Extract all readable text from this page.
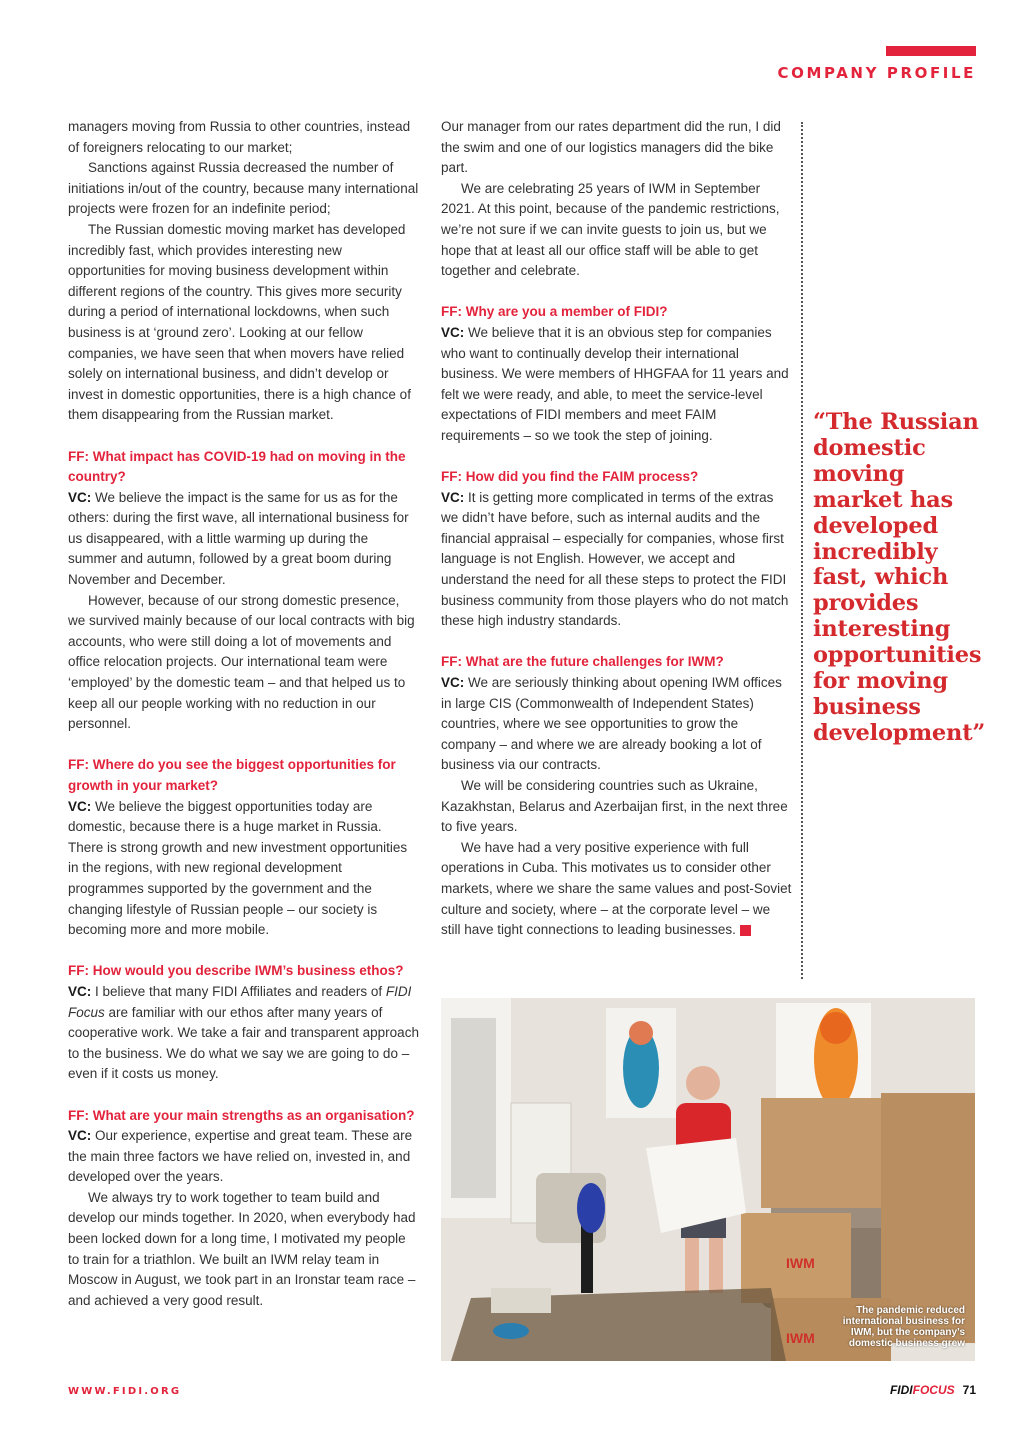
COMPANY PROFILE

managers moving from Russia to other countries, instead of foreigners relocating to our market;

Sanctions against Russia decreased the number of initiations in/out of the country, because many international projects were frozen for an indefinite period;

The Russian domestic moving market has developed incredibly fast, which provides interesting new opportunities for moving business development within different regions of the country. This gives more security during a period of international lockdowns, when such business is at ‘ground zero’. Looking at our fellow companies, we have seen that when movers have relied solely on international business, and didn’t develop or invest in domestic opportunities, there is a high chance of them disappearing from the Russian market.

FF: What impact has COVID-19 had on moving in the country?

VC: We believe the impact is the same for us as for the others: during the first wave, all international business for us disappeared, with a little warming up during the summer and autumn, followed by a great boom during November and December.

However, because of our strong domestic presence, we survived mainly because of our local contracts with big accounts, who were still doing a lot of movements and office relocation projects. Our international team were ‘employed’ by the domestic team – and that helped us to keep all our people working with no reduction in our personnel.

FF: Where do you see the biggest opportunities for growth in your market?

VC: We believe the biggest opportunities today are domestic, because there is a huge market in Russia. There is strong growth and new investment opportunities in the regions, with new regional development programmes supported by the government and the changing lifestyle of Russian people – our society is becoming more and more mobile.

FF: How would you describe IWM’s business ethos?

VC: I believe that many FIDI Affiliates and readers of FIDI Focus are familiar with our ethos after many years of cooperative work. We take a fair and transparent approach to the business. We do what we say we are going to do – even if it costs us money.

FF: What are your main strengths as an organisation?

VC: Our experience, expertise and great team. These are the main three factors we have relied on, invested in, and developed over the years.

We always try to work together to team build and develop our minds together. In 2020, when everybody had been locked down for a long time, I motivated my people to train for a triathlon. We built an IWM relay team in Moscow in August, we took part in an Ironstar team race – and achieved a very good result.

Our manager from our rates department did the run, I did the swim and one of our logistics managers did the bike part.

We are celebrating 25 years of IWM in September 2021. At this point, because of the pandemic restrictions, we’re not sure if we can invite guests to join us, but we hope that at least all our office staff will be able to get together and celebrate.

FF: Why are you a member of FIDI?

VC: We believe that it is an obvious step for companies who want to continually develop their international business. We were members of HHGFAA for 11 years and felt we were ready, and able, to meet the service-level expectations of FIDI members and meet FAIM requirements – so we took the step of joining.

FF: How did you find the FAIM process?

VC: It is getting more complicated in terms of the extras we didn’t have before, such as internal audits and the financial appraisal – especially for companies, whose first language is not English. However, we accept and understand the need for all these steps to protect the FIDI business community from those players who do not match these high industry standards.

FF: What are the future challenges for IWM?

VC: We are seriously thinking about opening IWM offices in large CIS (Commonwealth of Independent States) countries, where we see opportunities to grow the company – and where we are already booking a lot of business via our contracts.

We will be considering countries such as Ukraine, Kazakhstan, Belarus and Azerbaijan first, in the next three to five years.

We have had a very positive experience with full operations in Cuba. This motivates us to consider other markets, where we share the same values and post-Soviet culture and society, where – at the corporate level – we still have tight connections to leading businesses.	ff

“The Russian domestic moving market has developed incredibly fast, which provides interesting opportunities for moving business development”
IWM
IWM
The pandemic reduced international business for IWM, but the company’s domestic business grew
WWW.FIDI.ORG	FIDIFOCUS 71
